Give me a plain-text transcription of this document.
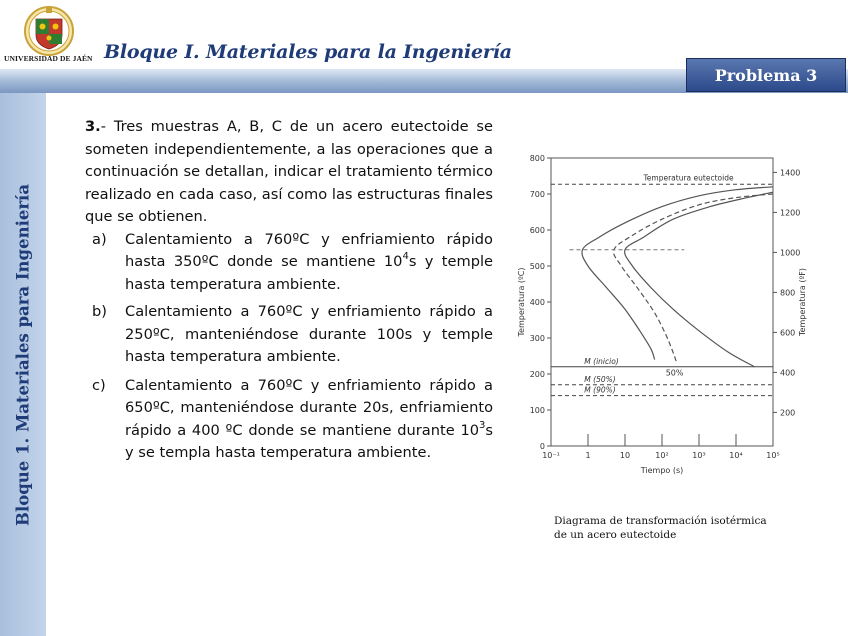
UNIVERSIDAD DE JAÉN Bloque I. Materiales para la Ingeniería
Problema 3
Bloque 1. Materiales para Ingeniería
3.- Tres muestras A, B, C de un acero eutectoide se someten independientemente, a las operaciones que a continuación se detallan, indicar el tratamiento térmico realizado en cada caso, así como las estructuras finales que se obtienen.
a)	Calentamiento a 760ºC y enfriamiento rápido hasta 350ºC donde se mantiene $10^4s$ y temple hasta temperatura ambiente.
b)	Calentamiento a 760ºC y enfriamiento rápido a 250ºC, manteniéndose durante 100s y temple hasta temperatura ambiente.
c)	Calentamiento a 760ºC y enfriamiento rápido a 650ºC, manteniéndose durante 20s, enfriamiento rápido a 400 ºC donde se mantiene durante $10^3s$ y se templa hasta temperatura ambiente.	0
100
200
300
400
500
600
700
800
10⁻¹	1	10	10²	10³	10⁴	10⁵
200
400
600
800
1000
1200
1400
Tiempo (s)
Temperatura (ºC)	Temperatura (ºF)
Temperatura eutectoide
M (inicio)
M (50%)
M (90%)
50%
Diagrama de transformación isotérmica
de un acero eutectoide
